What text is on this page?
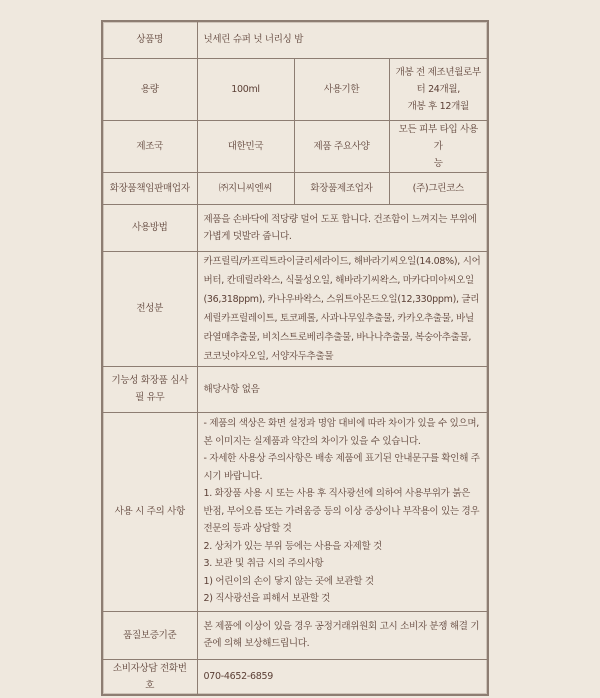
상품명	넛세린 슈퍼 넛 너리싱 밤		
용량	100ml	사용기한	개봉 전 제조년월로부
터 24개월,
개봉 후 12개월

제조국	대한민국	제품 주요사양	모든 피부 타입 사용 가
능

화장품책임판매업자	㈜지니씨엔씨	화장품제조업자	(주)그린코스
사용방법	제품을 손바닥에 적당량 덜어 도포 합니다. 건조함이 느껴지는 부위에 가볍게 덧발라 줍니다.		
전성분	카프릴릭/카프릭트라이글리세라이드, 해바라기씨오일(14.08%), 시어버터, 칸데릴라왁스, 식물성오일, 해바라기씨왁스, 마카다미아씨오일(36,318ppm), 카나우바왁스, 스위트아몬드오일(12,330ppm), 글리세릴카프릴레이트, 토코페롤, 사과나무잎추출물, 카카오추출물, 바닐라열매추출물, 비치스트로베리추출물, 바나나추출물, 복숭아추출물, 코코넛야자오일, 서양자두추출물		
기능성 화장품 심사 필 유무	해당사항 없음		
사용 시 주의 사항	
- 제품의 색상은 화면 설정과 명암 대비에 따라 차이가 있을 수 있으며, 본 이미지는 실제품과 약간의 차이가 있을 수 있습니다.
- 자세한 사용상 주의사항은 배송 제품에 표기된 안내문구를 확인해 주시기 바랍니다.
1. 화장품 사용 시 또는 사용 후 직사광선에 의하여 사용부위가 붉은 반점, 부어오름 또는 가려움증 등의 이상 증상이나 부작용이 있는 경우 전문의 등과 상담할 것
2. 상처가 있는 부위 등에는 사용을 자제할 것
3. 보관 및 취급 시의 주의사항
1) 어린이의 손이 닿지 않는 곳에 보관할 것
2) 직사광선을 피해서 보관할 것

품질보증기준	본 제품에 이상이 있을 경우 공정거래위원회 고시 소비자 분쟁 해결 기준에 의해 보상해드립니다.		
소비자상담 전화번호	070-4652-6859		
